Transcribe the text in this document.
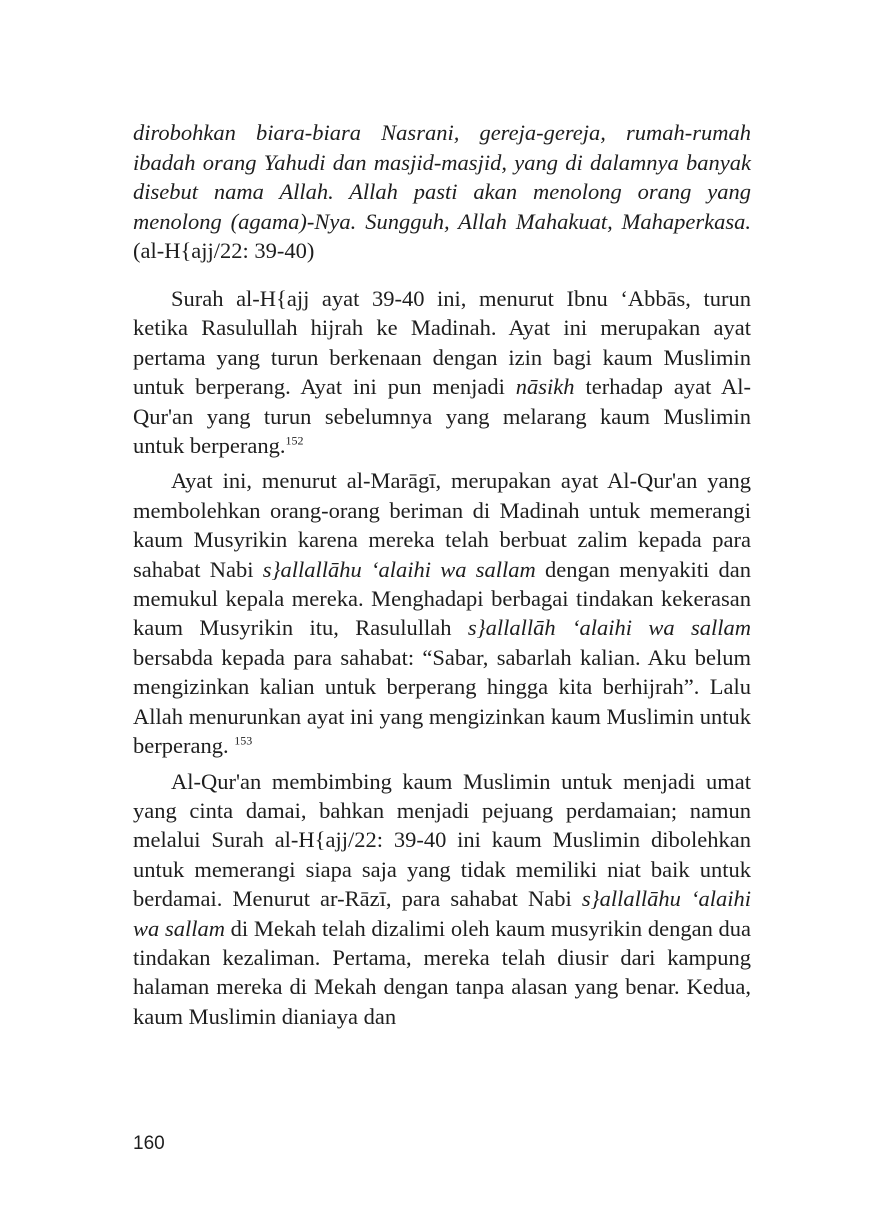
dirobohkan biara-biara Nasrani, gereja-gereja, rumah-rumah ibadah orang Yahudi dan masjid-masjid, yang di dalamnya banyak disebut nama Allah. Allah pasti akan menolong orang yang menolong (agama)-Nya. Sungguh, Allah Mahakuat, Mahaperkasa. (al-H{ajj/22: 39-40)

Surah al-H{ajj ayat 39-40 ini, menurut Ibnu ‘Abbās, turun ketika Rasulullah hijrah ke Madinah. Ayat ini merupakan ayat pertama yang turun berkenaan dengan izin bagi kaum Muslimin untuk berperang. Ayat ini pun menjadi nāsikh terhadap ayat Al-Qur'an yang turun sebelumnya yang melarang kaum Muslimin untuk berperang.$^{152}$

Ayat ini, menurut al-Marāgī, merupakan ayat Al-Qur'an yang membolehkan orang-orang beriman di Madinah untuk memerangi kaum Musyrikin karena mereka telah berbuat zalim kepada para sahabat Nabi s}allallāhu ‘alaihi wa sallam dengan menyakiti dan memukul kepala mereka. Menghadapi berbagai tindakan kekerasan kaum Musyrikin itu, Rasulullah s}allallāh ‘alaihi wa sallam bersabda kepada para sahabat: “Sabar, sabarlah kalian. Aku belum mengizinkan kalian untuk berperang hingga kita berhijrah”. Lalu Allah menurunkan ayat ini yang mengizinkan kaum Muslimin untuk berperang. $^{153}$

Al-Qur'an membimbing kaum Muslimin untuk menjadi umat yang cinta damai, bahkan menjadi pejuang perdamaian; namun melalui Surah al-H{ajj/22: 39-40 ini kaum Muslimin dibolehkan untuk memerangi siapa saja yang tidak memiliki niat baik untuk berdamai. Menurut ar-Rāzī, para sahabat Nabi s}allallāhu ‘alaihi wa sallam di Mekah telah dizalimi oleh kaum musyrikin dengan dua tindakan kezaliman. Pertama, mereka telah diusir dari kampung halaman mereka di Mekah dengan tanpa alasan yang benar. Kedua, kaum Muslimin dianiaya dan

160
